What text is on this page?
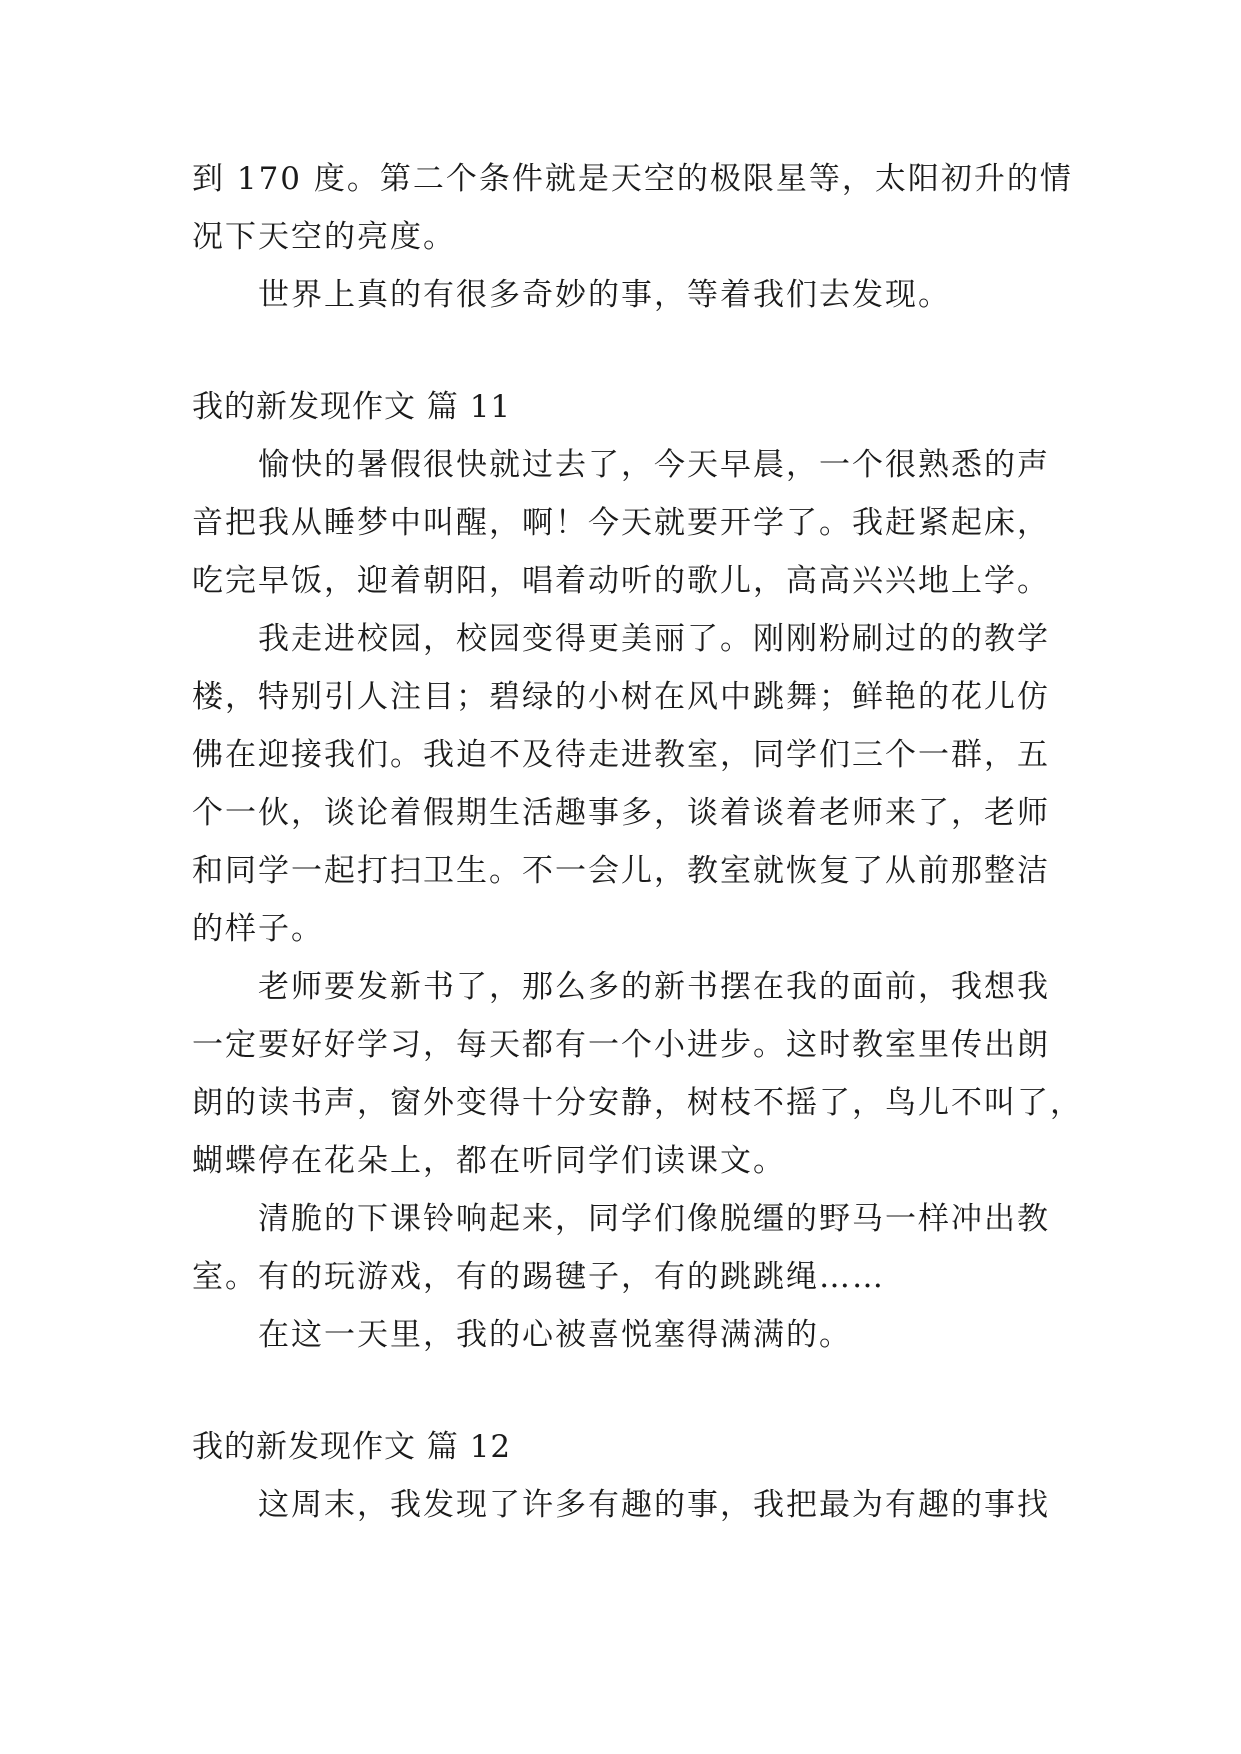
到 170 度。第二个条件就是天空的极限星等，太阳初升的情
况下天空的亮度。
世界上真的有很多奇妙的事，等着我们去发现。
我的新发现作文 篇 11
愉快的暑假很快就过去了，今天早晨，一个很熟悉的声
音把我从睡梦中叫醒，啊！今天就要开学了。我赶紧起床，
吃完早饭，迎着朝阳，唱着动听的歌儿，高高兴兴地上学。
我走进校园，校园变得更美丽了。刚刚粉刷过的的教学
楼，特别引人注目；碧绿的小树在风中跳舞；鲜艳的花儿仿
佛在迎接我们。我迫不及待走进教室，同学们三个一群，五
个一伙，谈论着假期生活趣事多，谈着谈着老师来了，老师
和同学一起打扫卫生。不一会儿，教室就恢复了从前那整洁
的样子。
老师要发新书了，那么多的新书摆在我的面前，我想我
一定要好好学习，每天都有一个小进步。这时教室里传出朗
朗的读书声，窗外变得十分安静，树枝不摇了，鸟儿不叫了，
蝴蝶停在花朵上，都在听同学们读课文。
清脆的下课铃响起来，同学们像脱缰的野马一样冲出教
室。有的玩游戏，有的踢毽子，有的跳跳绳……
在这一天里，我的心被喜悦塞得满满的。
我的新发现作文 篇 12
这周末，我发现了许多有趣的事，我把最为有趣的事找
